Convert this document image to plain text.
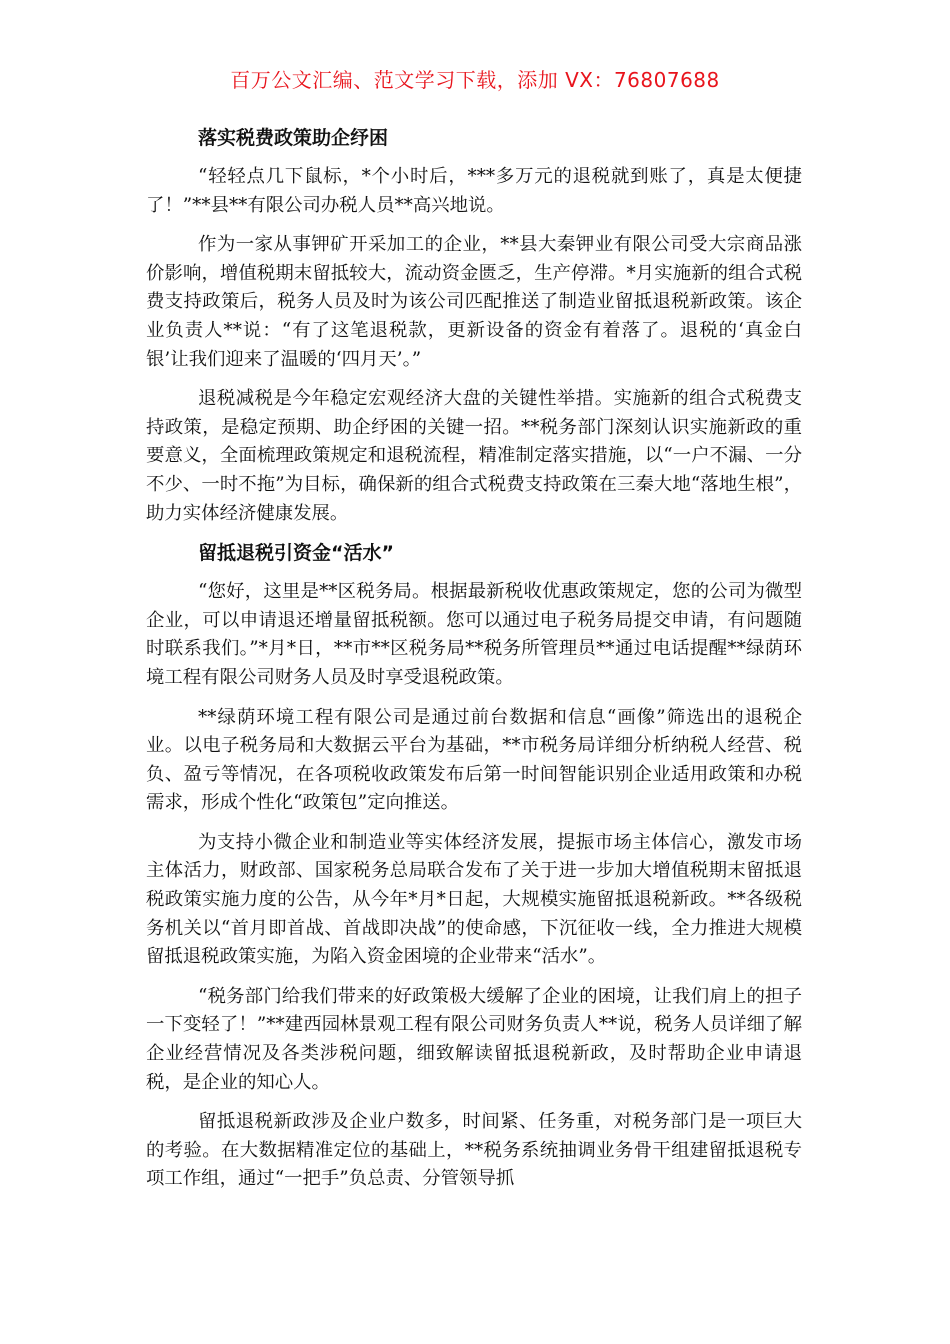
百万公文汇编、范文学习下载，添加 VX：76807688
落实税费政策助企纾困

“轻轻点几下鼠标，*个小时后，***多万元的退税就到账了，真是太便捷了！”**县**有限公司办税人员**高兴地说。

作为一家从事钾矿开采加工的企业，**县大秦钾业有限公司受大宗商品涨价影响，增值税期末留抵较大，流动资金匮乏，生产停滞。*月实施新的组合式税费支持政策后，税务人员及时为该公司匹配推送了制造业留抵退税新政策。该企业负责人**说：“有了这笔退税款，更新设备的资金有着落了。退税的‘真金白银’让我们迎来了温暖的‘四月天’。”

退税减税是今年稳定宏观经济大盘的关键性举措。实施新的组合式税费支持政策，是稳定预期、助企纾困的关键一招。**税务部门深刻认识实施新政的重要意义，全面梳理政策规定和退税流程，精准制定落实措施，以“一户不漏、一分不少、一时不拖”为目标，确保新的组合式税费支持政策在三秦大地“落地生根”，助力实体经济健康发展。

留抵退税引资金“活水”

“您好，这里是**区税务局。根据最新税收优惠政策规定，您的公司为微型企业，可以申请退还增量留抵税额。您可以通过电子税务局提交申请，有问题随时联系我们。”*月*日，**市**区税务局**税务所管理员**通过电话提醒**绿荫环境工程有限公司财务人员及时享受退税政策。

**绿荫环境工程有限公司是通过前台数据和信息“画像”筛选出的退税企业。以电子税务局和大数据云平台为基础，**市税务局详细分析纳税人经营、税负、盈亏等情况，在各项税收政策发布后第一时间智能识别企业适用政策和办税需求，形成个性化“政策包”定向推送。

为支持小微企业和制造业等实体经济发展，提振市场主体信心，激发市场主体活力，财政部、国家税务总局联合发布了关于进一步加大增值税期末留抵退税政策实施力度的公告，从今年*月*日起，大规模实施留抵退税新政。**各级税务机关以“首月即首战、首战即决战”的使命感，下沉征收一线，全力推进大规模留抵退税政策实施，为陷入资金困境的企业带来“活水”。

“税务部门给我们带来的好政策极大缓解了企业的困境，让我们肩上的担子一下变轻了！”**建西园林景观工程有限公司财务负责人**说，税务人员详细了解企业经营情况及各类涉税问题，细致解读留抵退税新政，及时帮助企业申请退税，是企业的知心人。

留抵退税新政涉及企业户数多，时间紧、任务重，对税务部门是一项巨大的考验。在大数据精准定位的基础上，**税务系统抽调业务骨干组建留抵退税专项工作组，通过“一把手”负总责、分管领导抓
